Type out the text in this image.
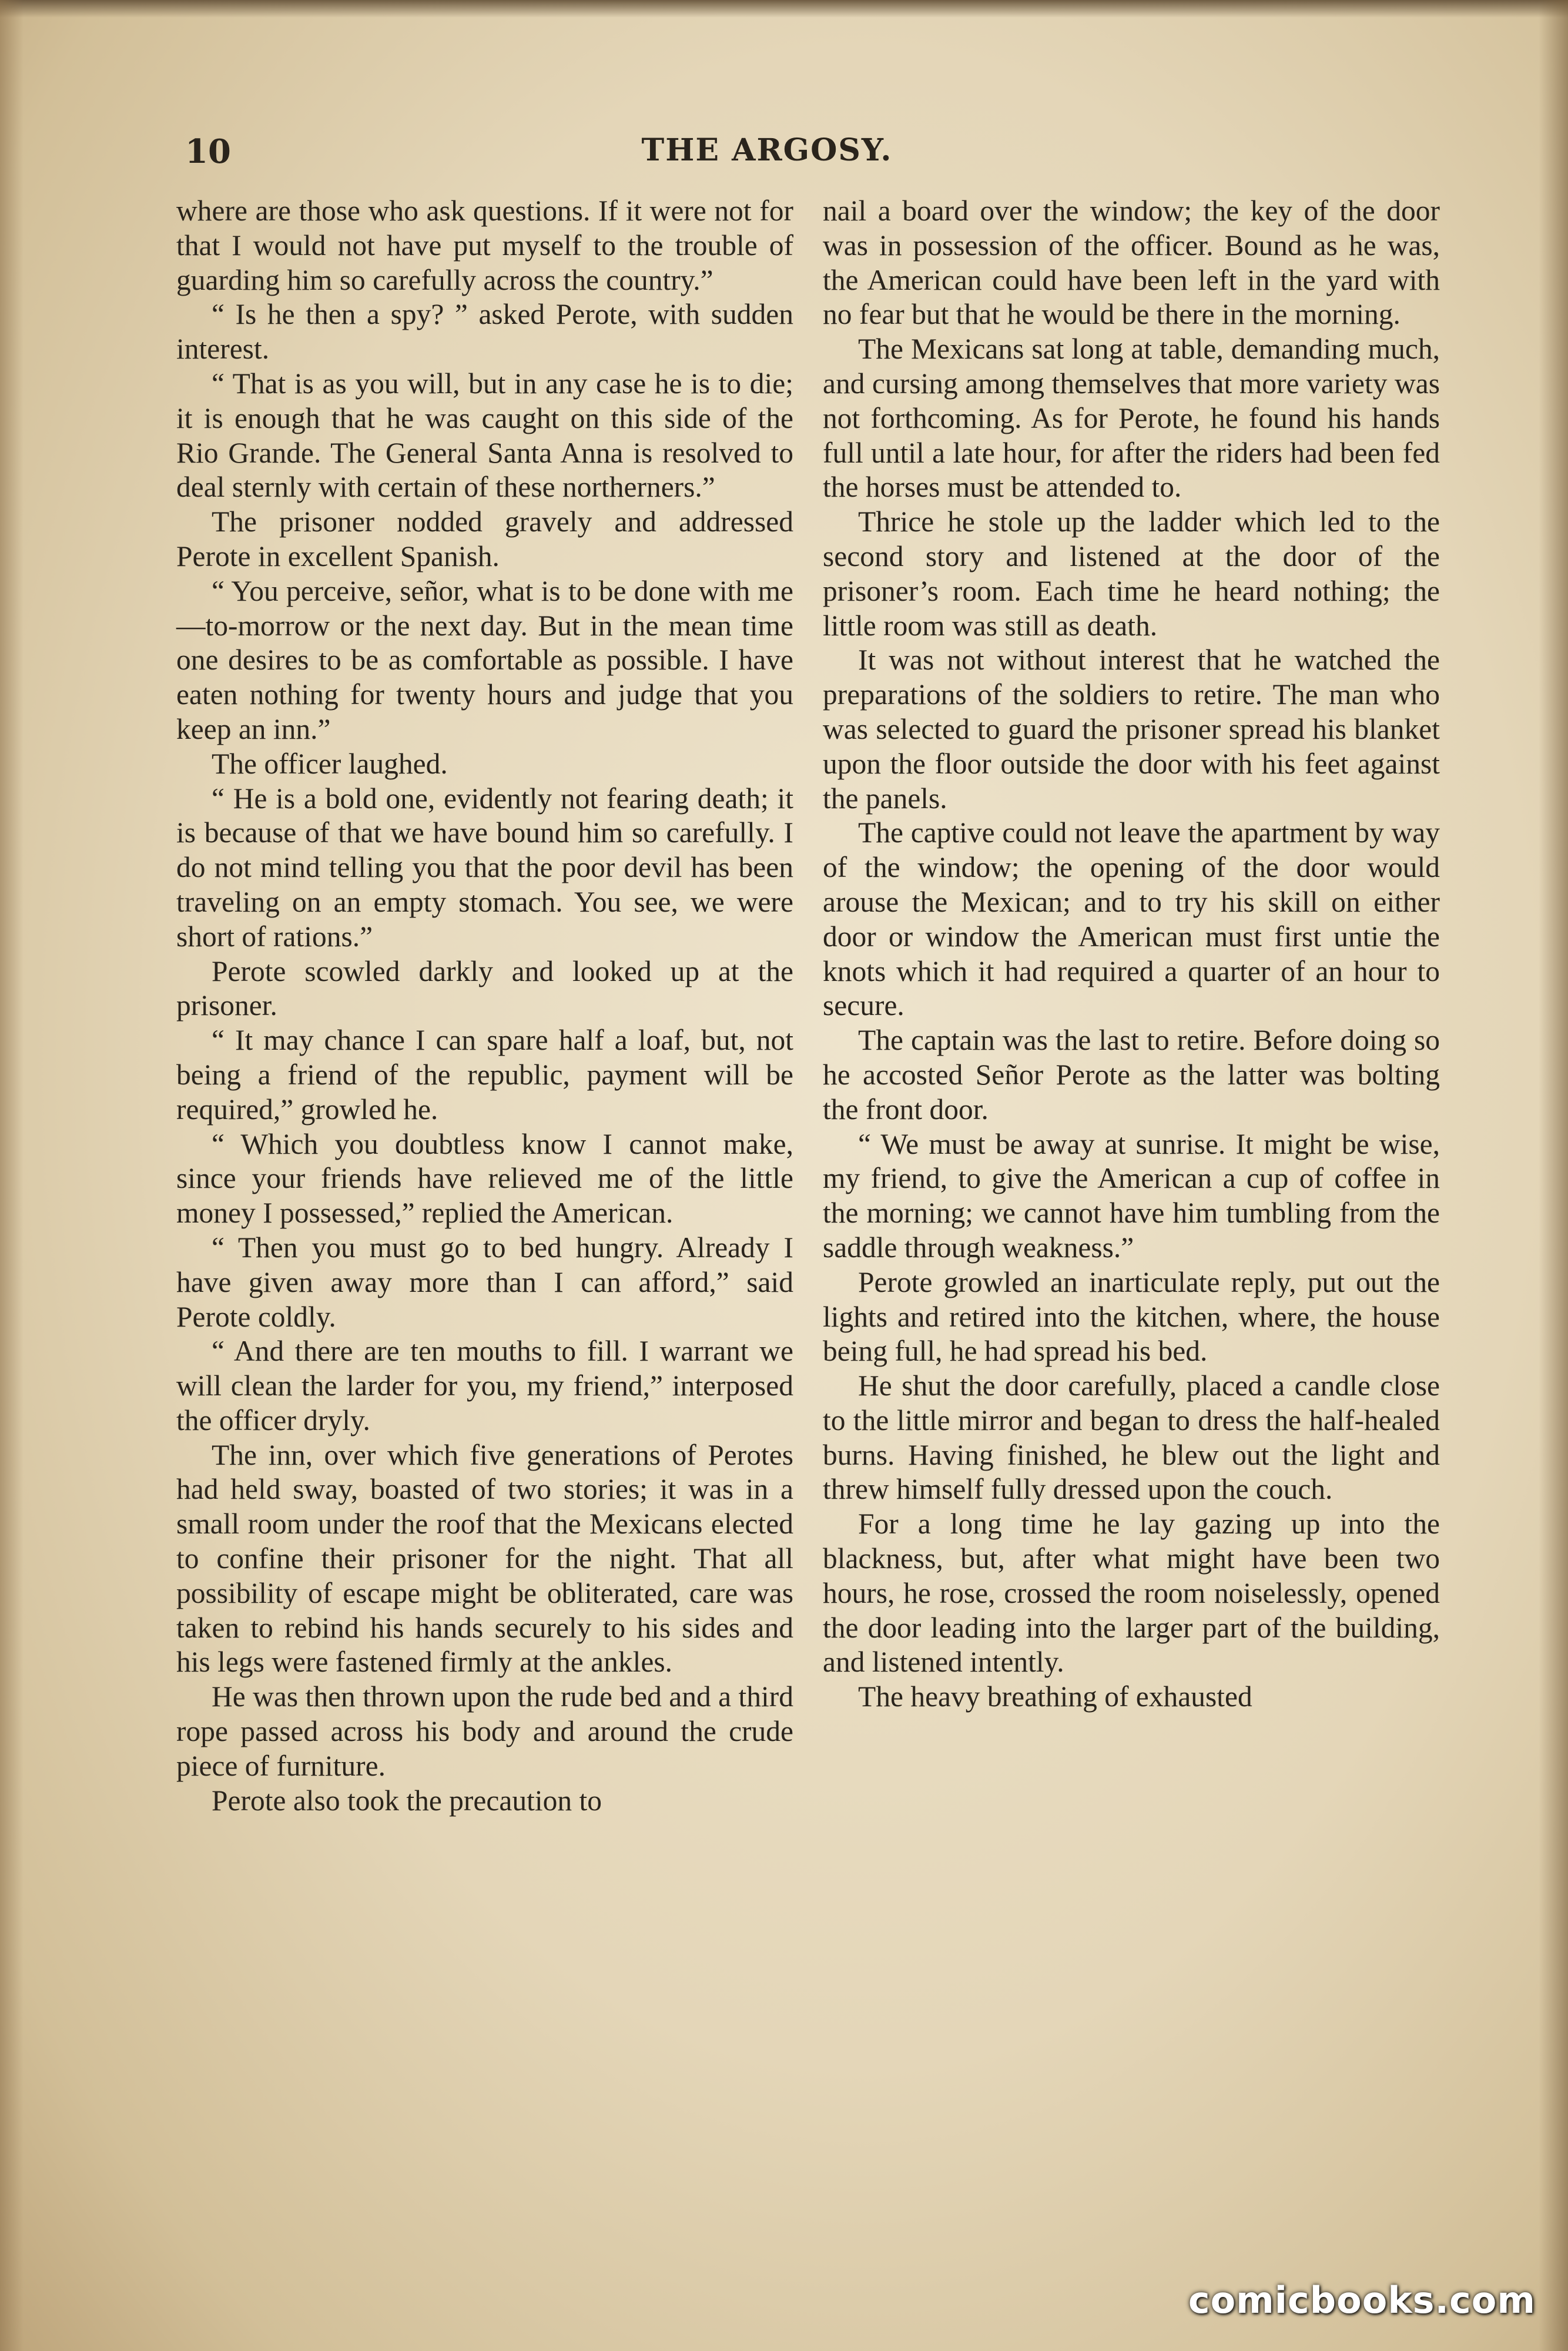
10	THE ARGOSY.

where are those who ask questions. If it were not for that I would not have put myself to the trouble of guarding him so carefully across the country.”

“ Is he then a spy? ” asked Perote, with sudden interest.

“ That is as you will, but in any case he is to die; it is enough that he was caught on this side of the Rio Grande. The General Santa Anna is resolved to deal sternly with certain of these northerners.”

The prisoner nodded gravely and addressed Perote in excellent Spanish.

“ You perceive, señor, what is to be done with me—to-morrow or the next day. But in the mean time one desires to be as comfortable as possible. I have eaten nothing for twenty hours and judge that you keep an inn.”

The officer laughed.

“ He is a bold one, evidently not fearing death; it is because of that we have bound him so carefully. I do not mind telling you that the poor devil has been traveling on an empty stomach. You see, we were short of rations.”

Perote scowled darkly and looked up at the prisoner.

“ It may chance I can spare half a loaf, but, not being a friend of the republic, payment will be required,” growled he.

“ Which you doubtless know I cannot make, since your friends have relieved me of the little money I possessed,” replied the American.

“ Then you must go to bed hungry. Already I have given away more than I can afford,” said Perote coldly.

“ And there are ten mouths to fill. I warrant we will clean the larder for you, my friend,” interposed the officer dryly.

The inn, over which five generations of Perotes had held sway, boasted of two stories; it was in a small room under the roof that the Mexicans elected to confine their prisoner for the night. That all possibility of escape might be obliterated, care was taken to rebind his hands securely to his sides and his legs were fastened firmly at the ankles.

He was then thrown upon the rude bed and a third rope passed across his body and around the crude piece of furniture.

Perote also took the precaution to

nail a board over the window; the key of the door was in possession of the officer. Bound as he was, the American could have been left in the yard with no fear but that he would be there in the morning.

The Mexicans sat long at table, demanding much, and cursing among themselves that more variety was not forthcoming. As for Perote, he found his hands full until a late hour, for after the riders had been fed the horses must be attended to.

Thrice he stole up the ladder which led to the second story and listened at the door of the prisoner’s room. Each time he heard nothing; the little room was still as death.

It was not without interest that he watched the preparations of the soldiers to retire. The man who was selected to guard the prisoner spread his blanket upon the floor outside the door with his feet against the panels.

The captive could not leave the apartment by way of the window; the opening of the door would arouse the Mexican; and to try his skill on either door or window the American must first untie the knots which it had required a quarter of an hour to secure.

The captain was the last to retire. Before doing so he accosted Señor Perote as the latter was bolting the front door.

“ We must be away at sunrise. It might be wise, my friend, to give the American a cup of coffee in the morning; we cannot have him tumbling from the saddle through weakness.”

Perote growled an inarticulate reply, put out the lights and retired into the kitchen, where, the house being full, he had spread his bed.

He shut the door carefully, placed a candle close to the little mirror and began to dress the half-healed burns. Having finished, he blew out the light and threw himself fully dressed upon the couch.

For a long time he lay gazing up into the blackness, but, after what might have been two hours, he rose, crossed the room noiselessly, opened the door leading into the larger part of the building, and listened intently.

The heavy breathing of exhausted

comicbooks.com
